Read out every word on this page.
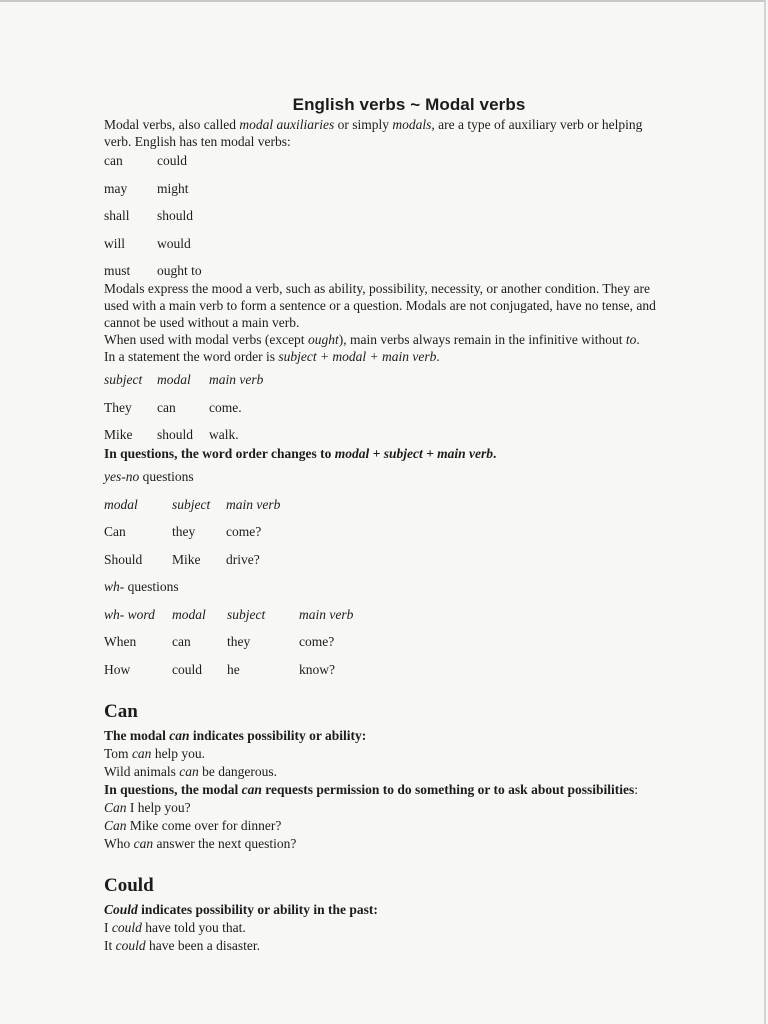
English verbs ~ Modal verbs

Modal verbs, also called modal auxiliaries or simply modals, are a type of auxiliary verb or helping verb. English has ten modal verbs:

can	could
may	might
shall	should
will	would
must	ought to

Modals express the mood a verb, such as ability, possibility, necessity, or another condition. They are used with a main verb to form a sentence or a question. Modals are not conjugated, have no tense, and cannot be used without a main verb.

When used with modal verbs (except ought), main verbs always remain in the infinitive without to.

In a statement the word order is subject + modal + main verb.

subject	modal	main verb
They	can	come.
Mike	should	walk.

In questions, the word order changes to modal + subject + main verb.

yes-no questions
modal	subject	main verb
Can	they	come?
Should	Mike	drive?
wh- questions
wh- word	modal	subject	main verb
When	can	they	come?
How	could	he	know?
Can

The modal can indicates possibility or ability:

Tom can help you.

Wild animals can be dangerous.

In questions, the modal can requests permission to do something or to ask about possibilities:

Can I help you?

Can Mike come over for dinner?

Who can answer the next question?

Could

Could indicates possibility or ability in the past:

I could have told you that.

It could have been a disaster.
